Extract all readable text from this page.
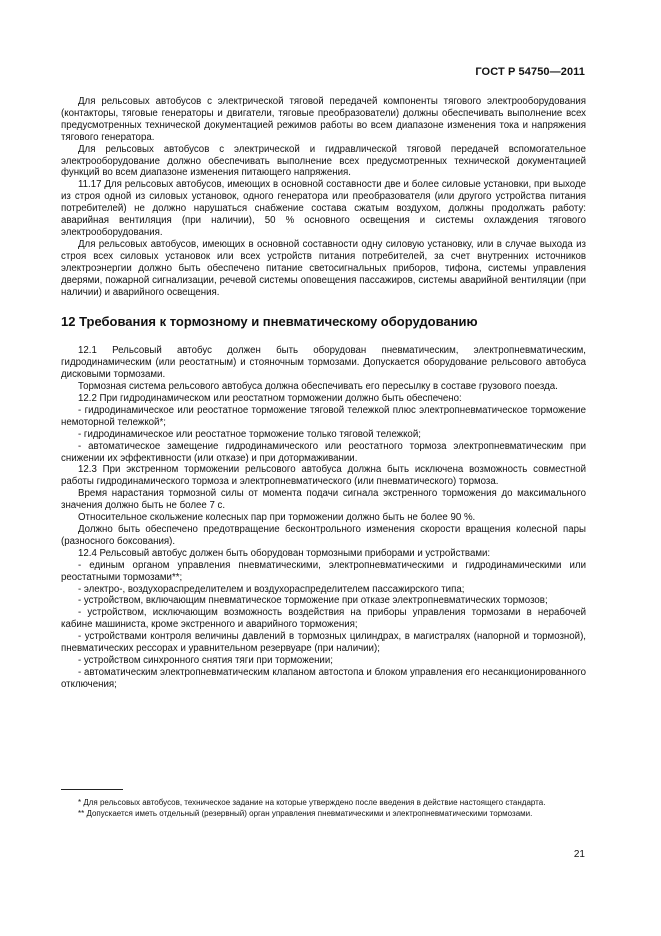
ГОСТ Р 54750—2011

Для рельсовых автобусов с электрической тяговой передачей компоненты тягового электрооборудования (контакторы, тяговые генераторы и двигатели, тяговые преобразователи) должны обеспечивать выполнение всех предусмотренных технической документацией режимов работы во всем диапазоне изменения тока и напряжения тягового генератора.

Для рельсовых автобусов с электрической и гидравлической тяговой передачей вспомогательное электрооборудование должно обеспечивать выполнение всех предусмотренных технической документацией функций во всем диапазоне изменения питающего напряжения.

11.17 Для рельсовых автобусов, имеющих в основной составности две и более силовые установки, при выходе из строя одной из силовых установок, одного генератора или преобразователя (или другого устройства питания потребителей) не должно нарушаться снабжение состава сжатым воздухом, должны продолжать работу: аварийная вентиляция (при наличии), 50 % основного освещения и системы охлаждения тягового электрооборудования.

Для рельсовых автобусов, имеющих в основной составности одну силовую установку, или в случае выхода из строя всех силовых установок или всех устройств питания потребителей, за счет внутренних источников электроэнергии должно быть обеспечено питание светосигнальных приборов, тифона, системы управления дверями, пожарной сигнализации, речевой системы оповещения пассажиров, системы аварийной вентиляции (при наличии) и аварийного освещения.

12 Требования к тормозному и пневматическому оборудованию

12.1 Рельсовый автобус должен быть оборудован пневматическим, электропневматическим, гидродинамическим (или реостатным) и стояночным тормозами. Допускается оборудование рельсового автобуса дисковыми тормозами.

Тормозная система рельсового автобуса должна обеспечивать его пересылку в составе грузового поезда.

12.2 При гидродинамическом или реостатном торможении должно быть обеспечено:

- гидродинамическое или реостатное торможение тяговой тележкой плюс электропневматическое торможение немоторной тележкой*;

- гидродинамическое или реостатное торможение только тяговой тележкой;

- автоматическое замещение гидродинамического или реостатного тормоза электропневматическим при снижении их эффективности (или отказе) и при дотормаживании.

12.3 При экстренном торможении рельсового автобуса должна быть исключена возможность совместной работы гидродинамического тормоза и электропневматического (или пневматического) тормоза.

Время нарастания тормозной силы от момента подачи сигнала экстренного торможения до максимального значения должно быть не более 7 с.

Относительное скольжение колесных пар при торможении должно быть не более 90 %.

Должно быть обеспечено предотвращение бесконтрольного изменения скорости вращения колесной пары (разносного боксования).

12.4 Рельсовый автобус должен быть оборудован тормозными приборами и устройствами:

- единым органом управления пневматическими, электропневматическими и гидродинамическими или реостатными тормозами**;

- электро-, воздухораспределителем и воздухораспределителем пассажирского типа;

- устройством, включающим пневматическое торможение при отказе электропневматических тормозов;

- устройством, исключающим возможность воздействия на приборы управления тормозами в нерабочей кабине машиниста, кроме экстренного и аварийного торможения;

- устройствами контроля величины давлений в тормозных цилиндрах, в магистралях (напорной и тормозной), пневматических рессорах и уравнительном резервуаре (при наличии);

- устройством синхронного снятия тяги при торможении;

- автоматическим электропневматическим клапаном автостопа и блоком управления его несанкционированного отключения;

* Для рельсовых автобусов, техническое задание на которые утверждено после введения в действие настоящего стандарта.

** Допускается иметь отдельный (резервный) орган управления пневматическими и электропневматическими тормозами.

21
